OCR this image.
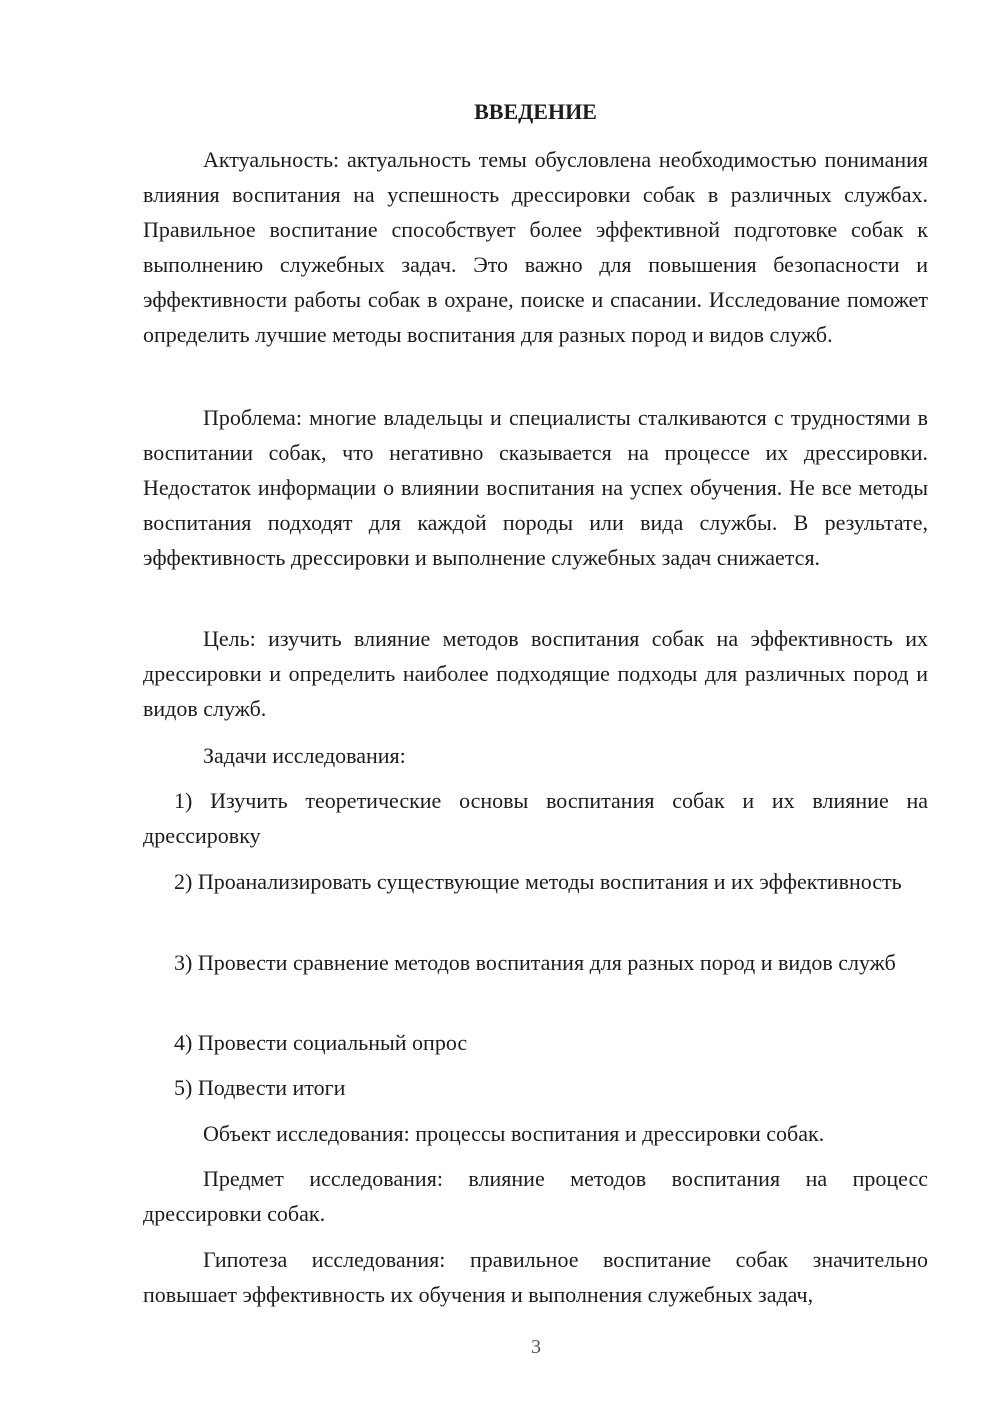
ВВЕДЕНИЕ

Актуальность: актуальность темы обусловлена необходимостью понимания влияния воспитания на успешность дрессировки собак в различных службах. Правильное воспитание способствует более эффективной подготовке собак к выполнению служебных задач. Это важно для повышения безопасности и эффективности работы собак в охране, поиске и спасании. Исследование поможет определить лучшие методы воспитания для разных пород и видов служб.

Проблема: многие владельцы и специалисты сталкиваются с трудностями в воспитании собак, что негативно сказывается на процессе их дрессировки. Недостаток информации о влиянии воспитания на успех обучения. Не все методы воспитания подходят для каждой породы или вида службы. В результате, эффективность дрессировки и выполнение служебных задач снижается.

Цель: изучить влияние методов воспитания собак на эффективность их дрессировки и определить наиболее подходящие подходы для различных пород и видов служб.

Задачи исследования:

1) Изучить теоретические основы воспитания собак и их влияние на дрессировку

2) Проанализировать существующие методы воспитания и их эффективность

3) Провести сравнение методов воспитания для разных пород и видов служб

4) Провести социальный опрос

5) Подвести итоги

Объект исследования: процессы воспитания и дрессировки собак.

Предмет исследования: влияние методов воспитания на процесс дрессировки собак.

Гипотеза исследования: правильное воспитание собак значительно повышает эффективность их обучения и выполнения служебных задач,

3
